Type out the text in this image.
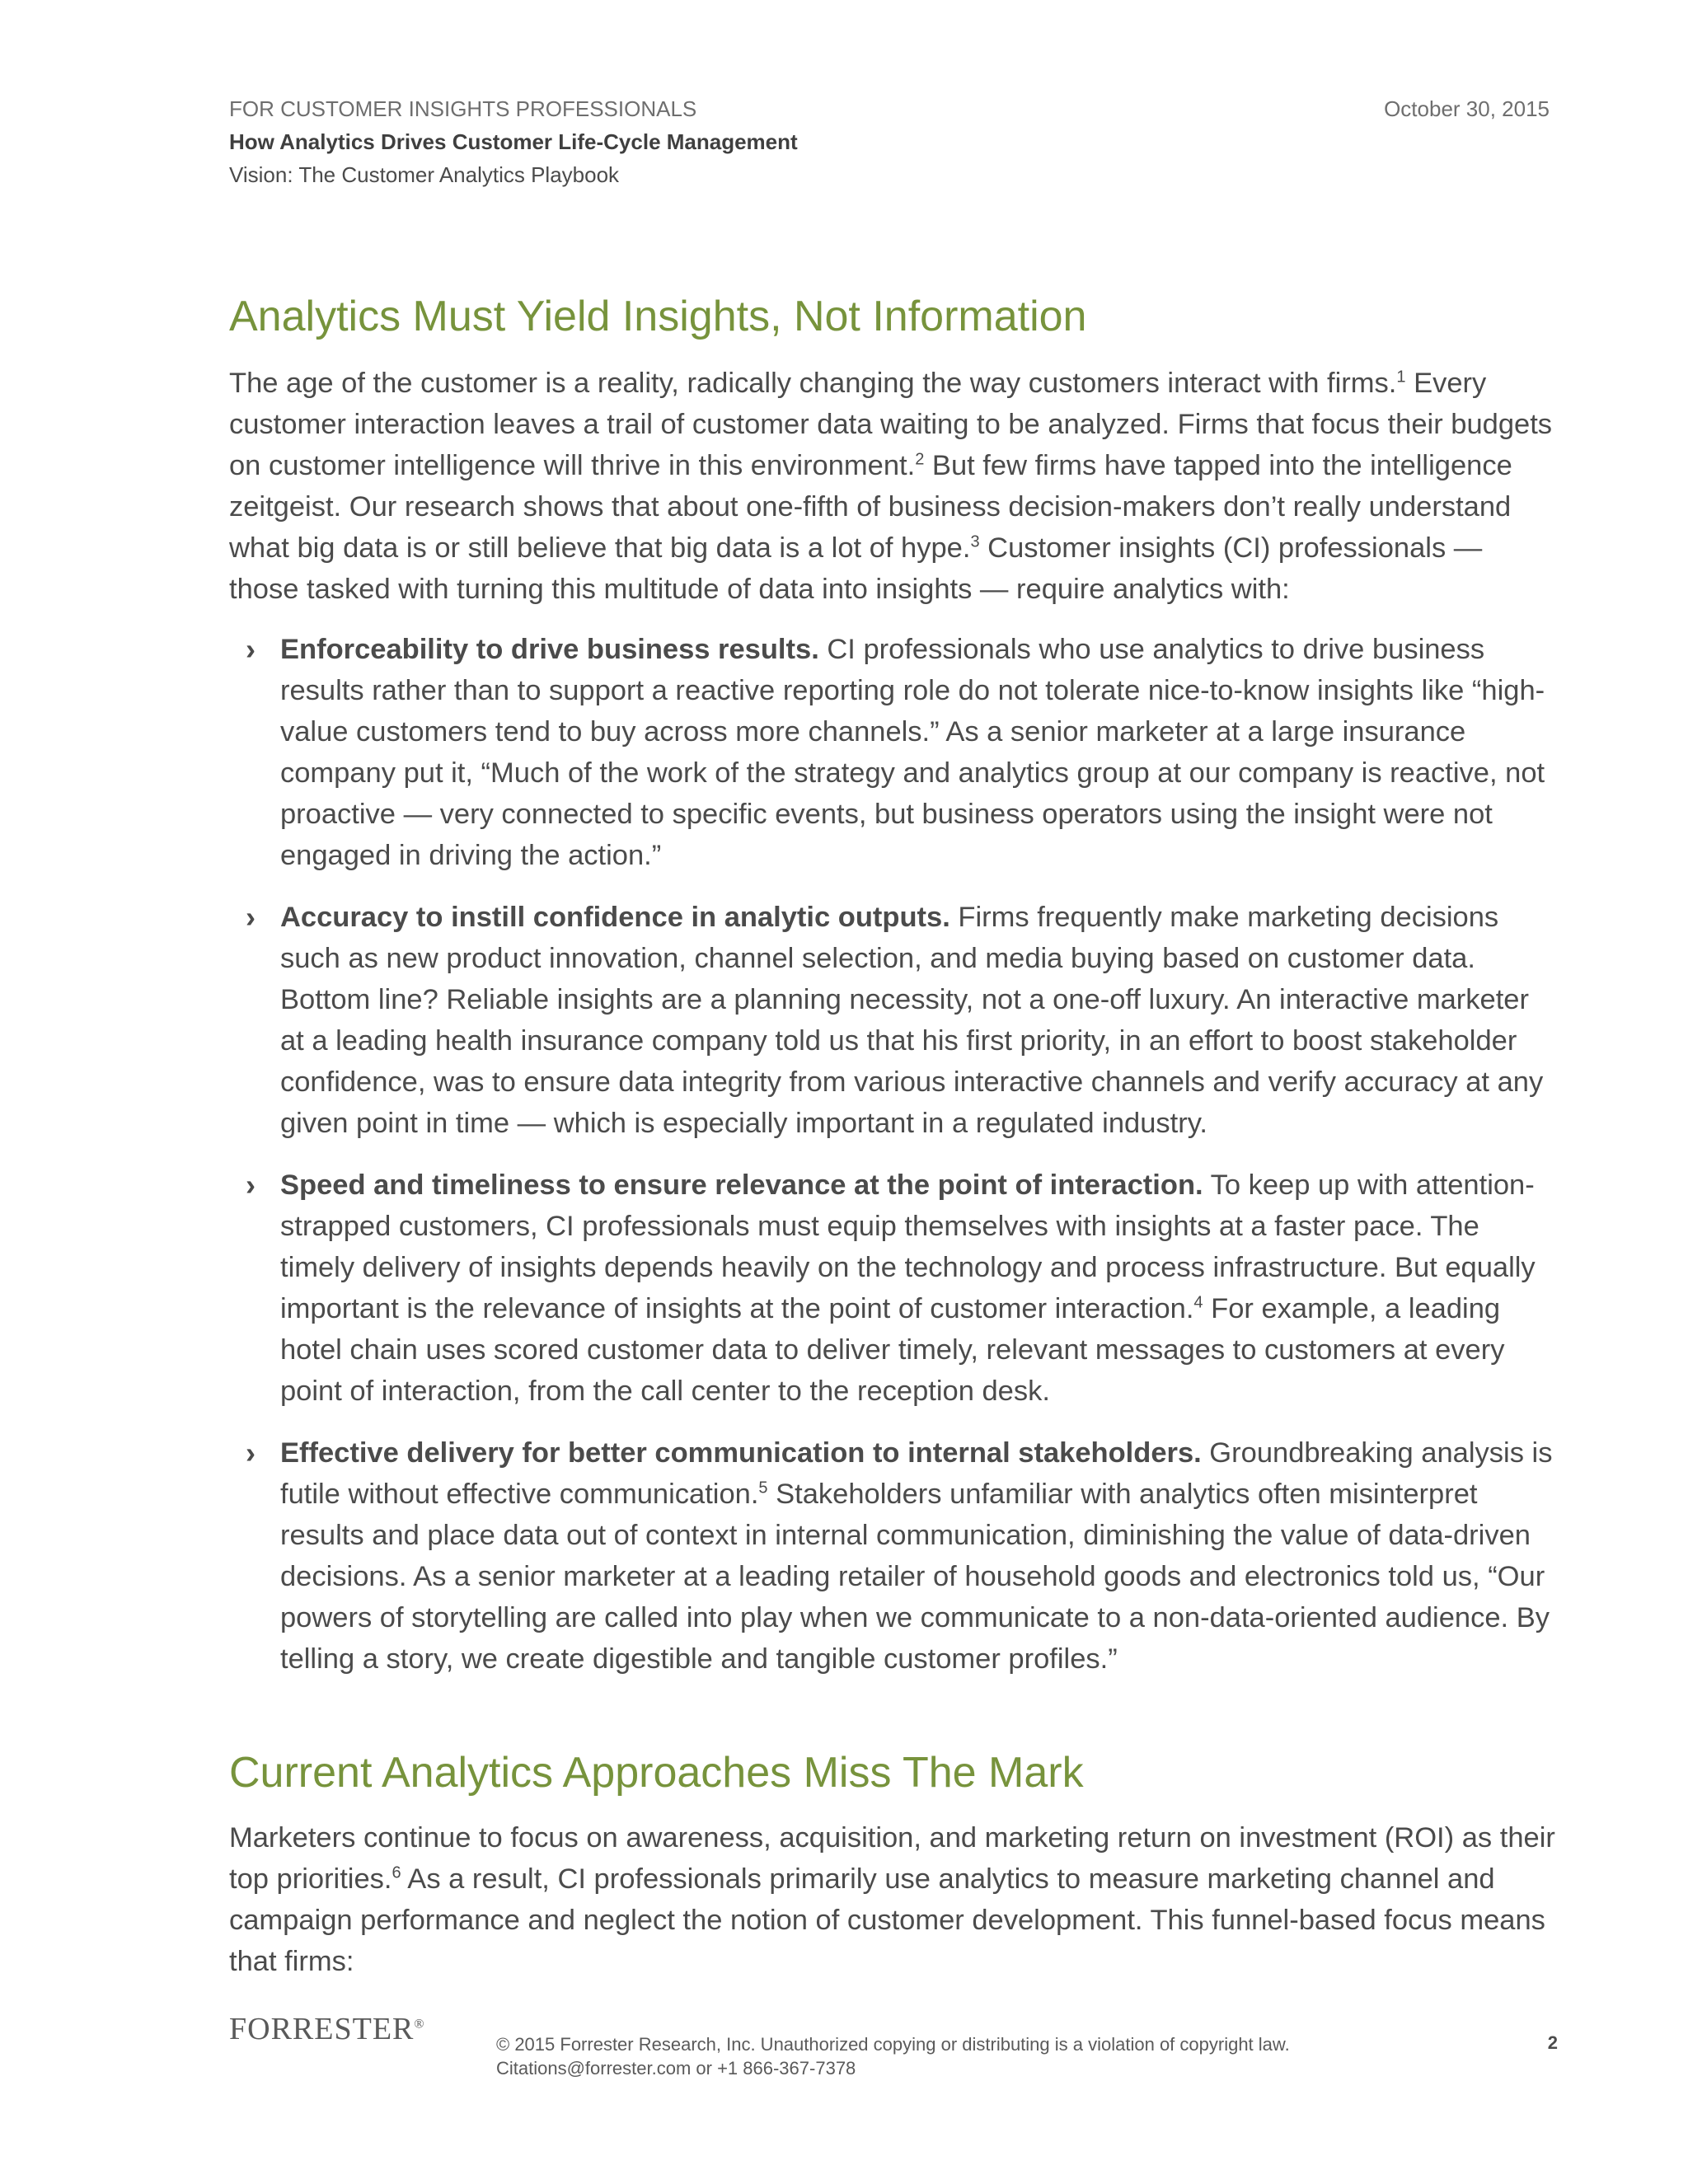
FOR CUSTOMER INSIGHTS PROFESSIONALS
How Analytics Drives Customer Life-Cycle Management
Vision: The Customer Analytics Playbook
October 30, 2015
Analytics Must Yield Insights, Not Information

The age of the customer is a reality, radically changing the way customers interact with firms.$^1$ Every customer interaction leaves a trail of customer data waiting to be analyzed. Firms that focus their budgets on customer intelligence will thrive in this environment.$^2$ But few firms have tapped into the intelligence zeitgeist. Our research shows that about one-fifth of business decision-makers don’t really understand what big data is or still believe that big data is a lot of hype.$^3$ Customer insights (CI) professionals — those tasked with turning this multitude of data into insights — require analytics with:

› Enforceability to drive business results. CI professionals who use analytics to drive business results rather than to support a reactive reporting role do not tolerate nice-to-know insights like “high-value customers tend to buy across more channels.” As a senior marketer at a large insurance company put it, “Much of the work of the strategy and analytics group at our company is reactive, not proactive — very connected to specific events, but business operators using the insight were not engaged in driving the action.”
› Accuracy to instill confidence in analytic outputs. Firms frequently make marketing decisions such as new product innovation, channel selection, and media buying based on customer data. Bottom line? Reliable insights are a planning necessity, not a one-off luxury. An interactive marketer at a leading health insurance company told us that his first priority, in an effort to boost stakeholder confidence, was to ensure data integrity from various interactive channels and verify accuracy at any given point in time — which is especially important in a regulated industry.
› Speed and timeliness to ensure relevance at the point of interaction. To keep up with attention-strapped customers, CI professionals must equip themselves with insights at a faster pace. The timely delivery of insights depends heavily on the technology and process infrastructure. But equally important is the relevance of insights at the point of customer interaction.$^4$ For example, a leading hotel chain uses scored customer data to deliver timely, relevant messages to customers at every point of interaction, from the call center to the reception desk.
› Effective delivery for better communication to internal stakeholders. Groundbreaking analysis is futile without effective communication.$^5$ Stakeholders unfamiliar with analytics often misinterpret results and place data out of context in internal communication, diminishing the value of data-driven decisions. As a senior marketer at a leading retailer of household goods and electronics told us, “Our powers of storytelling are called into play when we communicate to a non-data-oriented audience. By telling a story, we create digestible and tangible customer profiles.”
Current Analytics Approaches Miss The Mark

Marketers continue to focus on awareness, acquisition, and marketing return on investment (ROI) as their top priorities.$^6$ As a result, CI professionals primarily use analytics to measure marketing channel and campaign performance and neglect the notion of customer development. This funnel-based focus means that firms:

FORRESTER®
© 2015 Forrester Research, Inc. Unauthorized copying or distributing is a violation of copyright law.
Citations@forrester.com or +1 866-367-7378
2
